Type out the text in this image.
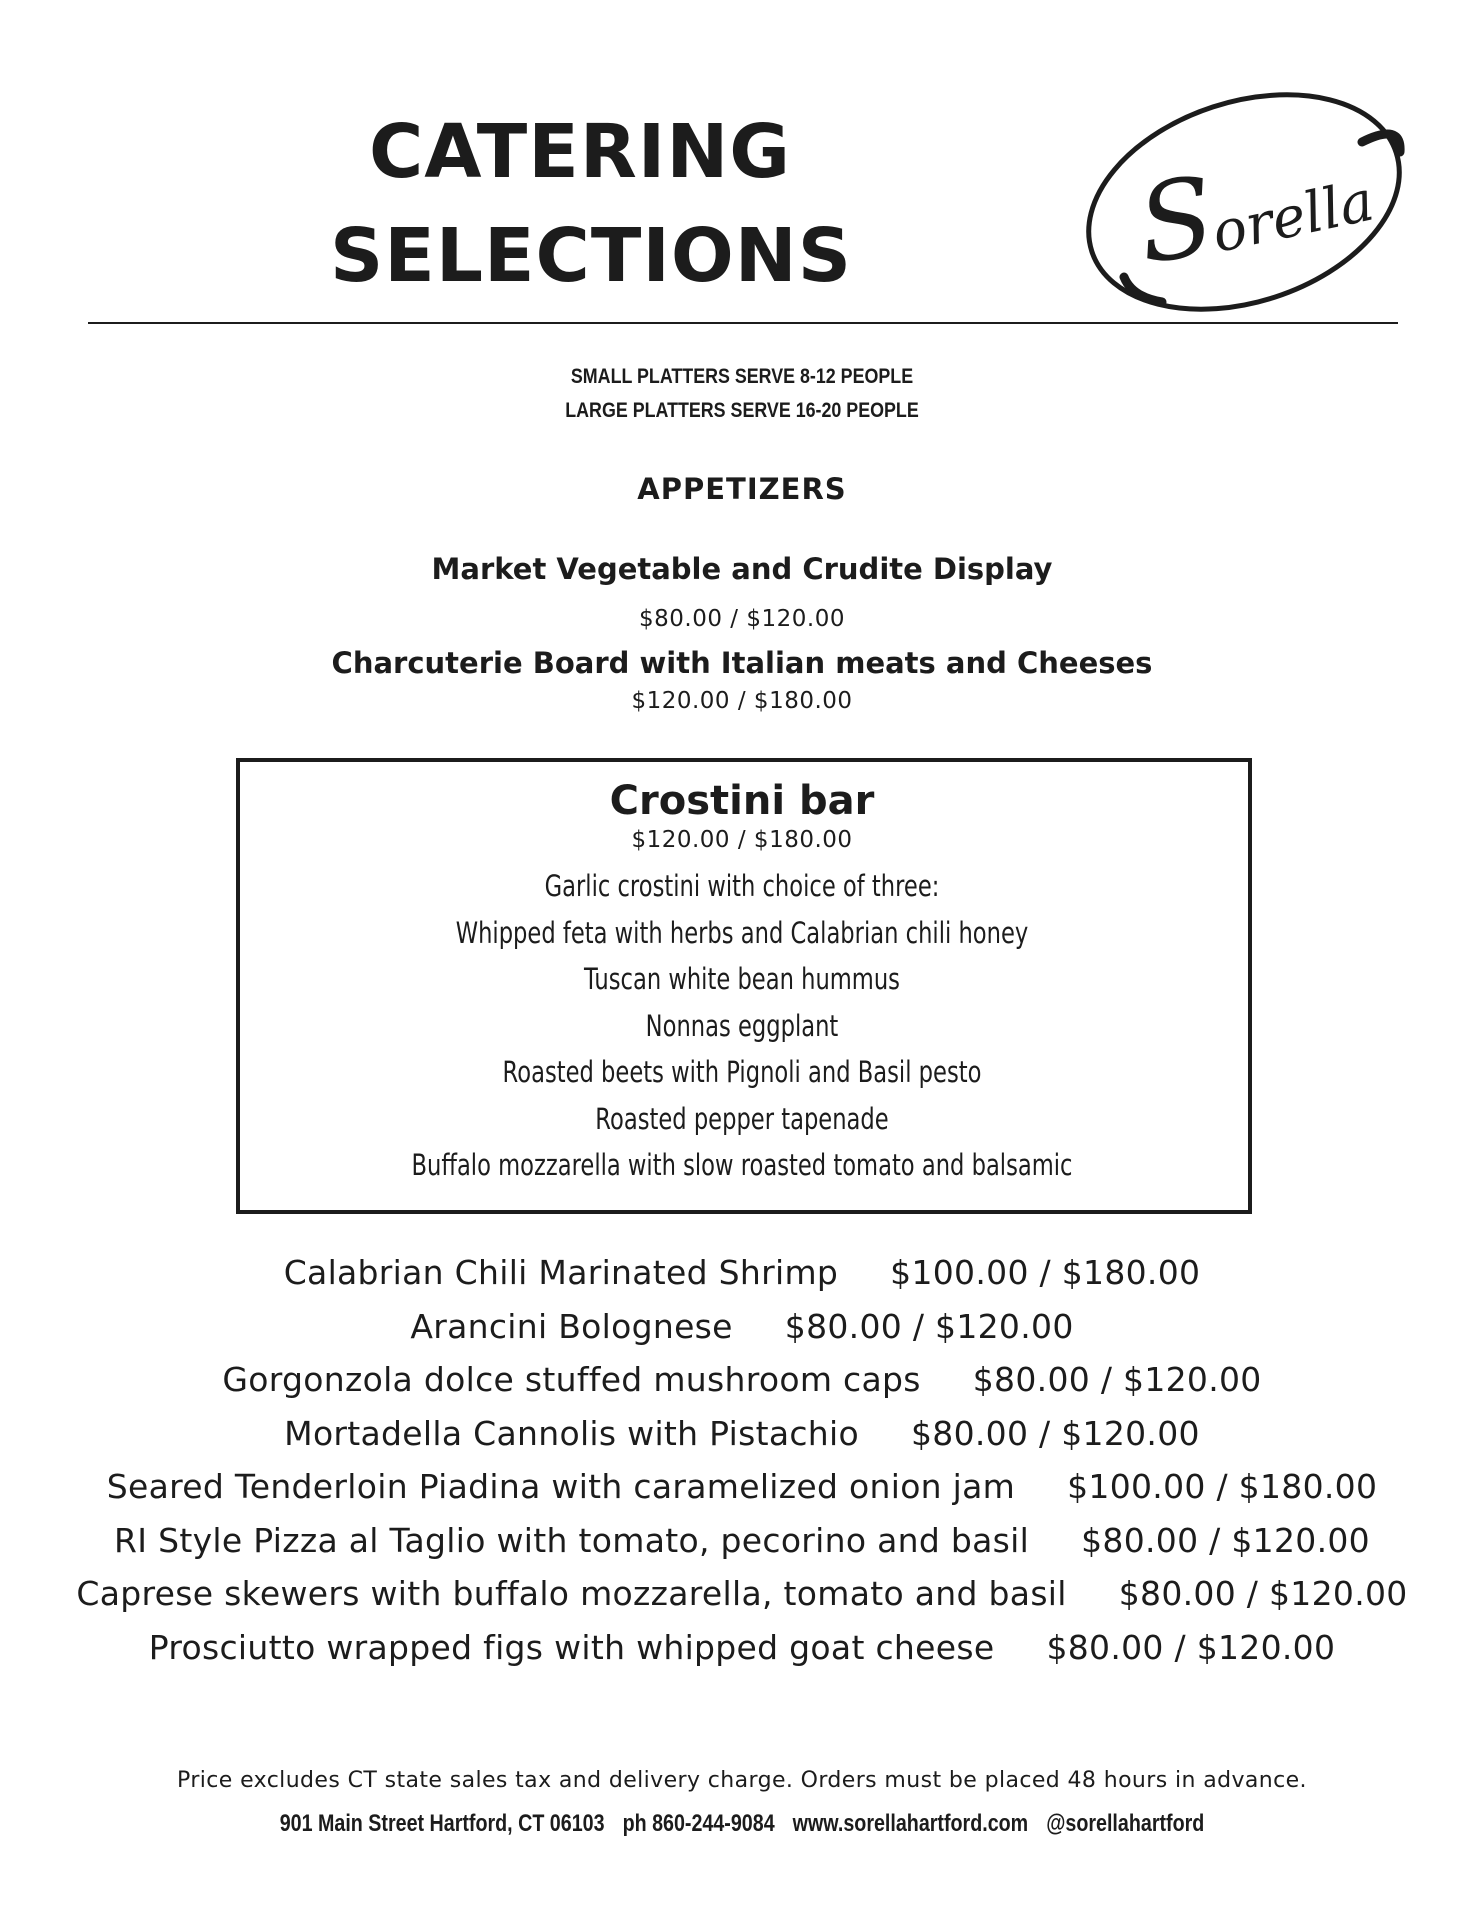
CATERING
SELECTIONS	S
orella
SMALL PLATTERS SERVE 8-12 PEOPLE
LARGE PLATTERS SERVE 16-20 PEOPLE
APPETIZERS
Market Vegetable and Crudite Display
$80.00 / $120.00
Charcuterie Board with Italian meats and Cheeses
$120.00 / $180.00
Crostini bar
$120.00 / $180.00
Garlic crostini with choice of three:
Whipped feta with herbs and Calabrian chili honey
Tuscan white bean hummus
Nonnas eggplant
Roasted beets with Pignoli and Basil pesto
Roasted pepper tapenade
Buffalo mozzarella with slow roasted tomato and balsamic
Calabrian Chili Marinated Shrimp $100.00 / $180.00
Arancini Bolognese $80.00 / $120.00
Gorgonzola dolce stuffed mushroom caps $80.00 / $120.00
Mortadella Cannolis with Pistachio $80.00 / $120.00
Seared Tenderloin Piadina with caramelized onion jam $100.00 / $180.00
RI Style Pizza al Taglio with tomato, pecorino and basil $80.00 / $120.00
Caprese skewers with buffalo mozzarella, tomato and basil $80.00 / $120.00
Prosciutto wrapped figs with whipped goat cheese $80.00 / $120.00
Price excludes CT state sales tax and delivery charge. Orders must be placed 48 hours in advance.
901 Main Street Hartford, CT 06103 ph 860-244-9084 www.sorellahartford.com @sorellahartford
